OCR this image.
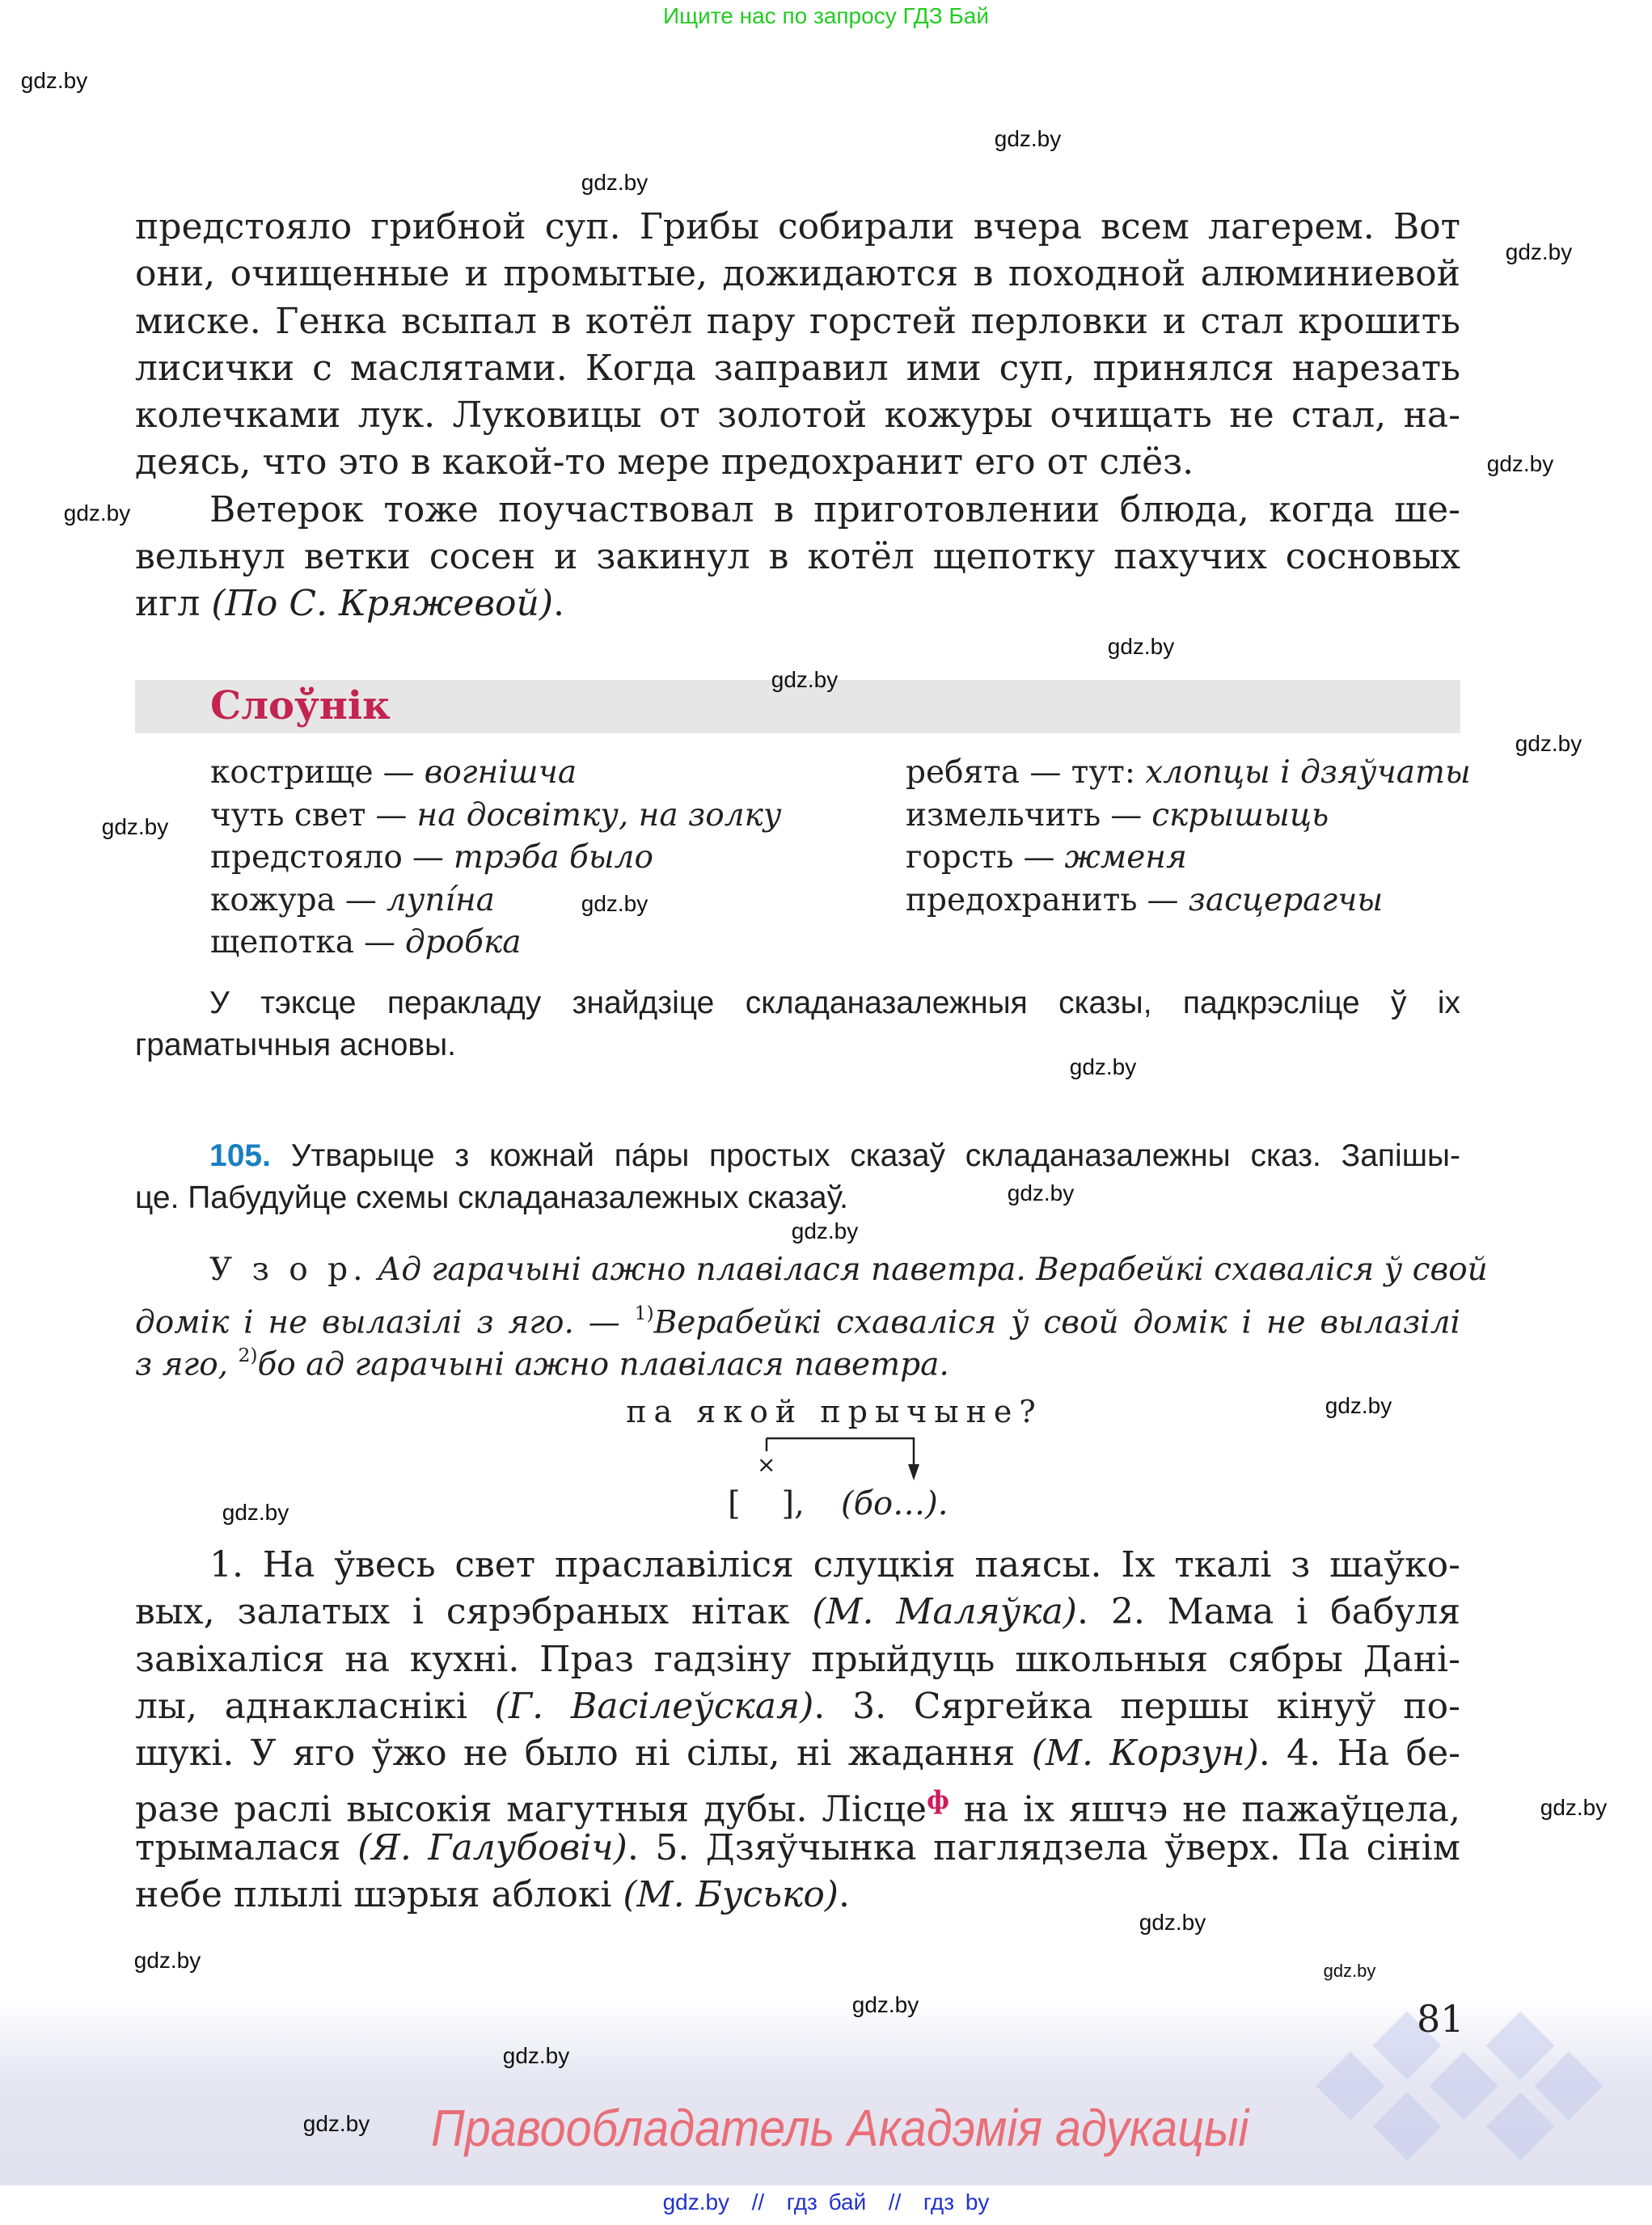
Ищите нас по запросу ГДЗ Бай
предстояло грибной суп. Грибы собирали вчера всем лагерем. Вот
они, очищенные и промытые, дожидаются в походной алюминиевой
миске. Генка всыпал в котёл пару горстей перловки и стал крошить
лисички с маслятами. Когда заправил ими суп, принялся нарезать
колечками лук. Луковицы от золотой кожуры очищать не стал, на-
деясь, что это в какой-то мере предохранит его от слёз.
Ветерок тоже поучаствовал в приготовлении блюда, когда ше-
вельнул ветки сосен и закинул в котёл щепотку пахучих сосновых
игл (По С. Кряжевой).
Слоўнік
кострище — вогнішча
чуть свет — на досвітку, на золку
предстояло — трэба было
кожура — лупі́на
щепотка — дробка
ребята — тут: хлопцы і дзяўчаты
измельчить — скрышыць
горсть — жменя
предохранить — засцерагчы
У тэксце перакладу знайдзіце складаназалежныя сказы, падкрэсліце ў іх
граматычныя асновы.
105. Утварыце з кожнай па́ры простых сказаў складаназалежны сказ. Запішы-
це. Пабудуйце схемы складаназалежных сказаў.
У з о р. Ад гарачыні ажно плавілася паветра. Верабейкі схаваліся ў свой
домік і не вылазілі з яго. — $^{1)}$Верабейкі схаваліся ў свой домік і не вылазілі
з яго, $^{2)}$бо ад гарачыні ажно плавілася паветра.
па якой прычыне?
×
[    ], (бо…).
1. На ўвесь свет праславіліся слуцкія паясы. Іх ткалі з шаўко-
вых, залатых і сярэбраных нітак (М. Маляўка). 2. Мама і бабуля
завіхаліся на кухні. Праз гадзіну прыйдуць школьныя сябры Дані-
лы, аднакласнікі (Г. Васілеўская). 3. Сяргейка першы кінуў по-
шукі. У яго ўжо не было ні сілы, ні жадання (М. Корзун). 4. На бе-
разе раслі высокія магутныя дубы. Лісце$^ф$ на іх яшчэ не пажаўцела,
трымалася (Я. Галубовіч). 5. Дзяўчынка паглядзела ўверх. Па сінім
небе плылі шэрыя аблокі (М. Бусько).
81
Правообладатель Акадэмія адукацыі
gdz.by  //  гдз бай  //  гдз by
gdz.by
gdz.by
gdz.by
gdz.by
gdz.by
gdz.by
gdz.by
gdz.by
gdz.by
gdz.by
gdz.by
gdz.by
gdz.by
gdz.by
gdz.by
gdz.by
gdz.by
gdz.by
gdz.by	gdz.by
gdz.by
gdz.by
gdz.by
